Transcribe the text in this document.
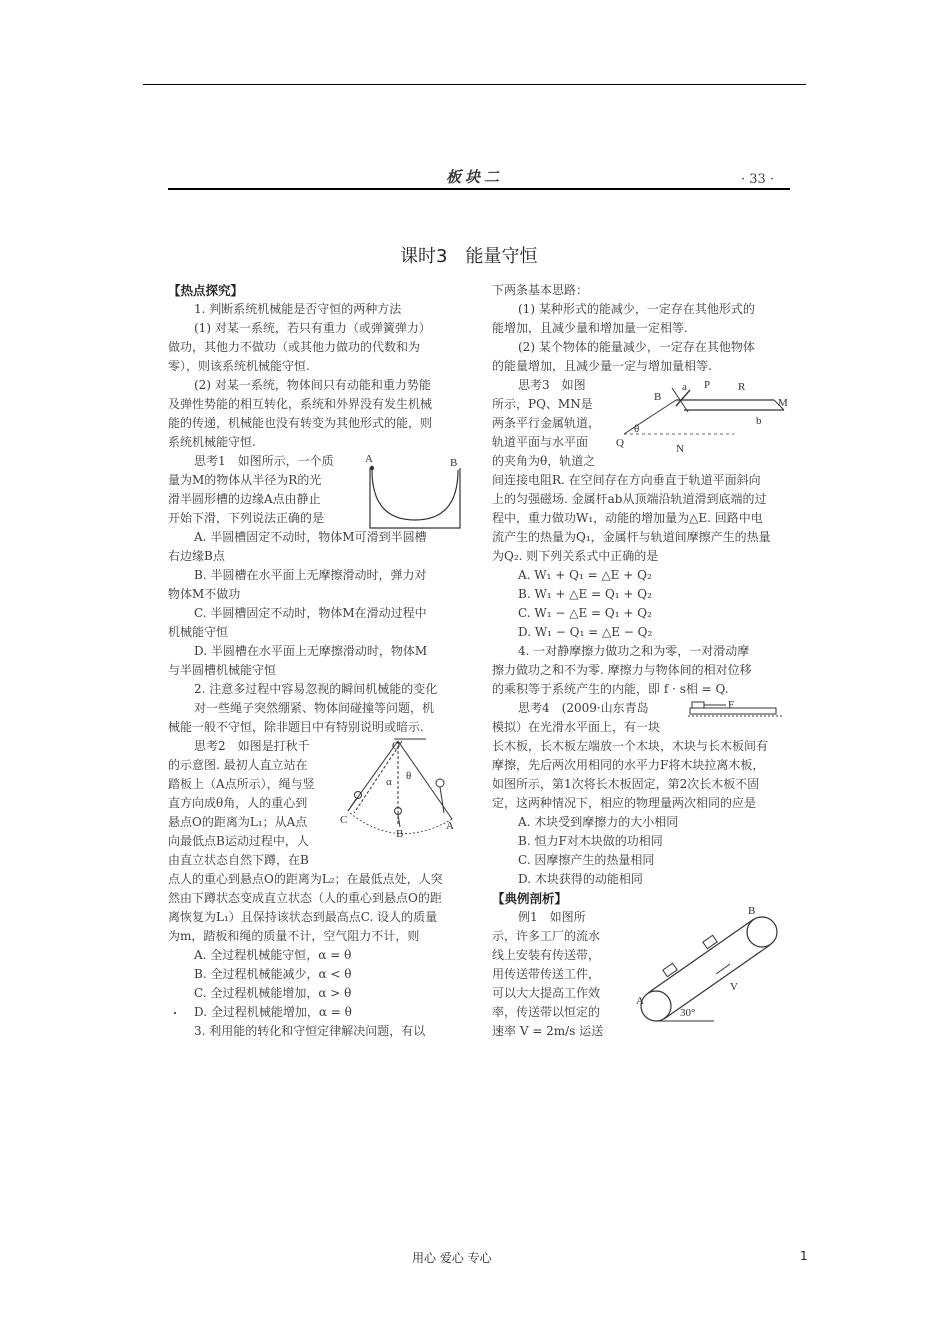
板块二	· 33 ·
课时3　能量守恒
【热点探究】
1. 判断系统机械能是否守恒的两种方法
(1) 对某一系统，若只有重力（或弹簧弹力）
做功，其他力不做功（或其他力做功的代数和为
零），则该系统机械能守恒.
(2) 对某一系统，物体间只有动能和重力势能
及弹性势能的相互转化，系统和外界没有发生机械
能的传递，机械能也没有转变为其他形式的能，则
系统机械能守恒.
思考1　如图所示，一个质
量为M的物体从半径为R的光
滑半圆形槽的边缘A点由静止
开始下滑，下列说法正确的是
A. 半圆槽固定不动时，物体M可滑到半圆槽
右边缘B点
B. 半圆槽在水平面上无摩擦滑动时，弹力对
物体M不做功
C. 半圆槽固定不动时，物体M在滑动过程中
机械能守恒
D. 半圆槽在水平面上无摩擦滑动时，物体M
与半圆槽机械能守恒
2. 注意多过程中容易忽视的瞬间机械能的变化
对一些绳子突然绷紧、物体间碰撞等问题，机
械能一般不守恒，除非题目中有特别说明或暗示.
思考2　如图是打秋千
的示意图. 最初人直立站在
踏板上（A点所示），绳与竖
直方向成θ角，人的重心到
悬点O的距离为L₁；从A点
向最低点B运动过程中，人
由直立状态自然下蹲，在B
点人的重心到悬点O的距离为L₂；在最低点处，人突
然由下蹲状态变成直立状态（人的重心到悬点O的距
离恢复为L₁）且保持该状态到最高点C. 设人的质量
为m，踏板和绳的质量不计，空气阻力不计，则
A. 全过程机械能守恒，α = θ
B. 全过程机械能减少，α < θ
C. 全过程机械能增加，α > θ
D. 全过程机械能增加，α = θ
3. 利用能的转化和守恒定律解决问题，有以
下两条基本思路：
(1) 某种形式的能减少，一定存在其他形式的
能增加，且减少量和增加量一定相等.
(2) 某个物体的能量减少，一定存在其他物体
的能量增加，且减少量一定与增加量相等.
思考3　如图
所示，PQ、MN是
两条平行金属轨道，
轨道平面与水平面
的夹角为θ，轨道之
间连接电阻R. 在空间存在方向垂直于轨道平面斜向
上的匀强磁场. 金属杆ab从顶端沿轨道滑到底端的过
程中，重力做功W₁，动能的增加量为△E. 回路中电
流产生的热量为Q₁，金属杆与轨道间摩擦产生的热量
为Q₂. 则下列关系式中正确的是
A. W₁ + Q₁ = △E + Q₂
B. W₁ + △E = Q₁ + Q₂
C. W₁ − △E = Q₁ + Q₂
D. W₁ − Q₁ = △E − Q₂
4. 一对静摩擦力做功之和为零，一对滑动摩
擦力做功之和不为零. 摩擦力与物体间的相对位移
的乘积等于系统产生的内能，即 f · s相 = Q.
思考4　(2009·山东青岛
模拟）在光滑水平面上，有一块
长木板，长木板左端放一个木块，木块与长木板间有
摩擦，先后两次用相同的水平力F将木块拉离木板，
如图所示，第1次将长木板固定，第2次长木板不固
定，这两种情况下，相应的物理量两次相同的应是
A. 木块受到摩擦力的大小相同
B. 恒力F对木块做的功相同
C. 因摩擦产生的热量相同
D. 木块获得的动能相同
【典例剖析】
例1　如图所
示，许多工厂的流水
线上安装有传送带，
用传送带传送工件，
可以大大提高工作效
率，传送带以恒定的
速率 V = 2m/s 运送
A	B
O
θ
α
A
B
C
a P	R
B	M
b
θ
Q	N
F
A
B
V
30°
用心 爱心 专心	1
